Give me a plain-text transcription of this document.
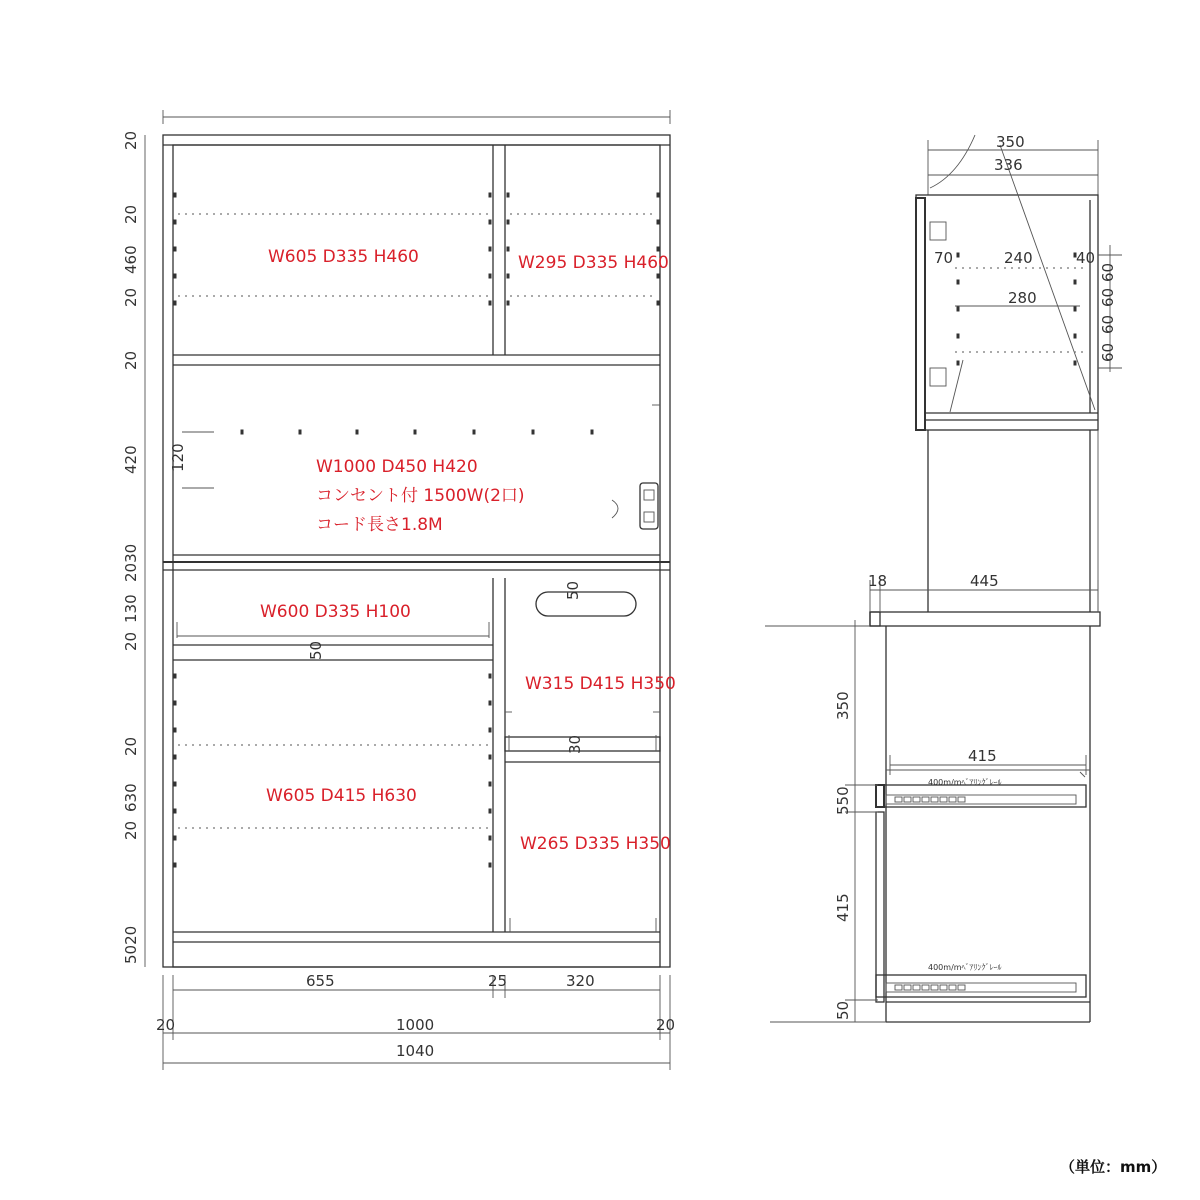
W605 D335 H460	W295 D335 H460
W1000 D450 H420
コンセント付 1500W(2口)
コード長さ1.8M
W600 D335 H100
W315 D415 H350
W605 D415 H630
W265 D335 H350
20
20
460
20
20
420 120
2030
130
20
20
630
20
5020
50
50
30
655	25	320
20	1000	20
1040
350
336
70	240	40
280
60
60
60
60
18	445
415
350
550
415
50
400m/mﾍﾞｱﾘﾝｸﾞﾚｰﾙ
400m/mﾍﾞｱﾘﾝｸﾞﾚｰﾙ
（単位：mm）
